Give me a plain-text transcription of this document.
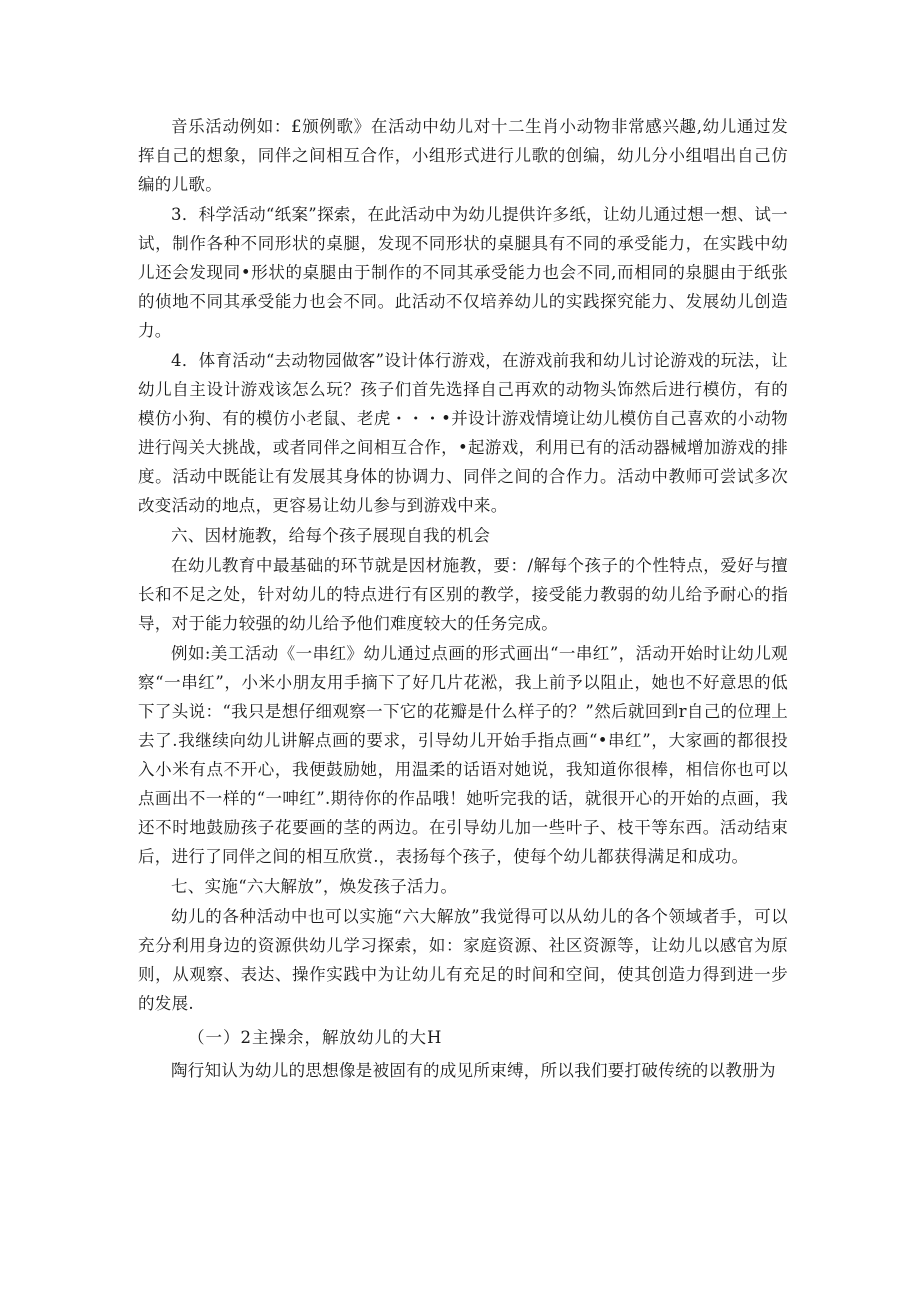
音乐活动例如：£颁例歌》在活动中幼儿对十二生肖小动物非常感兴趣,幼儿通过发挥自己的想象，同伴之间相互合作，小组形式进行儿歌的创编，幼儿分小组唱出自己仿编的儿歌。

3．科学活动“纸案”探索，在此活动中为幼儿提供许多纸，让幼儿通过想一想、试一试，制作各种不同形状的桌腿，发现不同形状的桌腿具有不同的承受能力，在实践中幼儿还会发现同•形状的桌腿由于制作的不同其承受能力也会不同,而相同的泉腿由于纸张的侦地不同其承受能力也会不同。此活动不仅培养幼儿的实践探究能力、发展幼儿创造力。

4．体育活动“去动物园做客”设计体行游戏，在游戏前我和幼儿讨论游戏的玩法，让幼儿自主设计游戏该怎么玩？孩子们首先选择自己再欢的动物头饰然后进行模仿，有的模仿小狗、有的模仿小老鼠、老虎・・・•并设计游戏情境让幼儿模仿自己喜欢的小动物进行闯关大挑战，或者同伴之间相互合作，•起游戏，利用已有的活动器械增加游戏的排度。活动中既能让有发展其身体的协调力、同伴之间的合作力。活动中教师可尝试多次改变活动的地点，更容易让幼儿参与到游戏中来。

六、因材施教，给每个孩子展现自我的机会

在幼儿教育中最基础的环节就是因材施教，要：/解每个孩子的个性特点，爱好与擅长和不足之处，针对幼儿的特点进行有区别的教学，接受能力教弱的幼儿给予耐心的指导，对于能力较强的幼儿给予他们难度较大的任务完成。

例如:美工活动《一串红》幼儿通过点画的形式画出“一串红”，活动开始时让幼儿观察“一串红”，小米小朋友用手摘下了好几片花淞，我上前予以阻止，她也不好意思的低下了头说：“我只是想仔细观察一下它的花瓣是什么样子的？”然后就回到r自己的位理上去了.我继续向幼儿讲解点画的要求，引导幼儿开始手指点画“•串红”，大家画的都很投入小米有点不开心，我便鼓励她，用温柔的话语对她说，我知道你很棒，相信你也可以点画出不一样的“一呻红”.期待你的作品哦！她听完我的话，就很开心的开始的点画，我还不时地鼓励孩子花要画的茎的两边。在引导幼儿加一些叶子、枝干等东西。活动结束后，进行了同伴之间的相互欣赏.，表扬每个孩子，使每个幼儿都获得满足和成功。

七、实施“六大解放”，焕发孩子活力。

幼儿的各种活动中也可以实施“六大解放”我觉得可以从幼儿的各个领域者手，可以充分利用身边的资源供幼儿学习探索，如：家庭资源、社区资源等，让幼儿以感官为原则，从观察、表达、操作实践中为让幼儿有充足的时间和空间，使其创造力得到进一步的发展.

（一）2主操余，解放幼儿的大H

陶行知认为幼儿的思想像是被固有的成见所束缚，所以我们要打破传统的以教册为
